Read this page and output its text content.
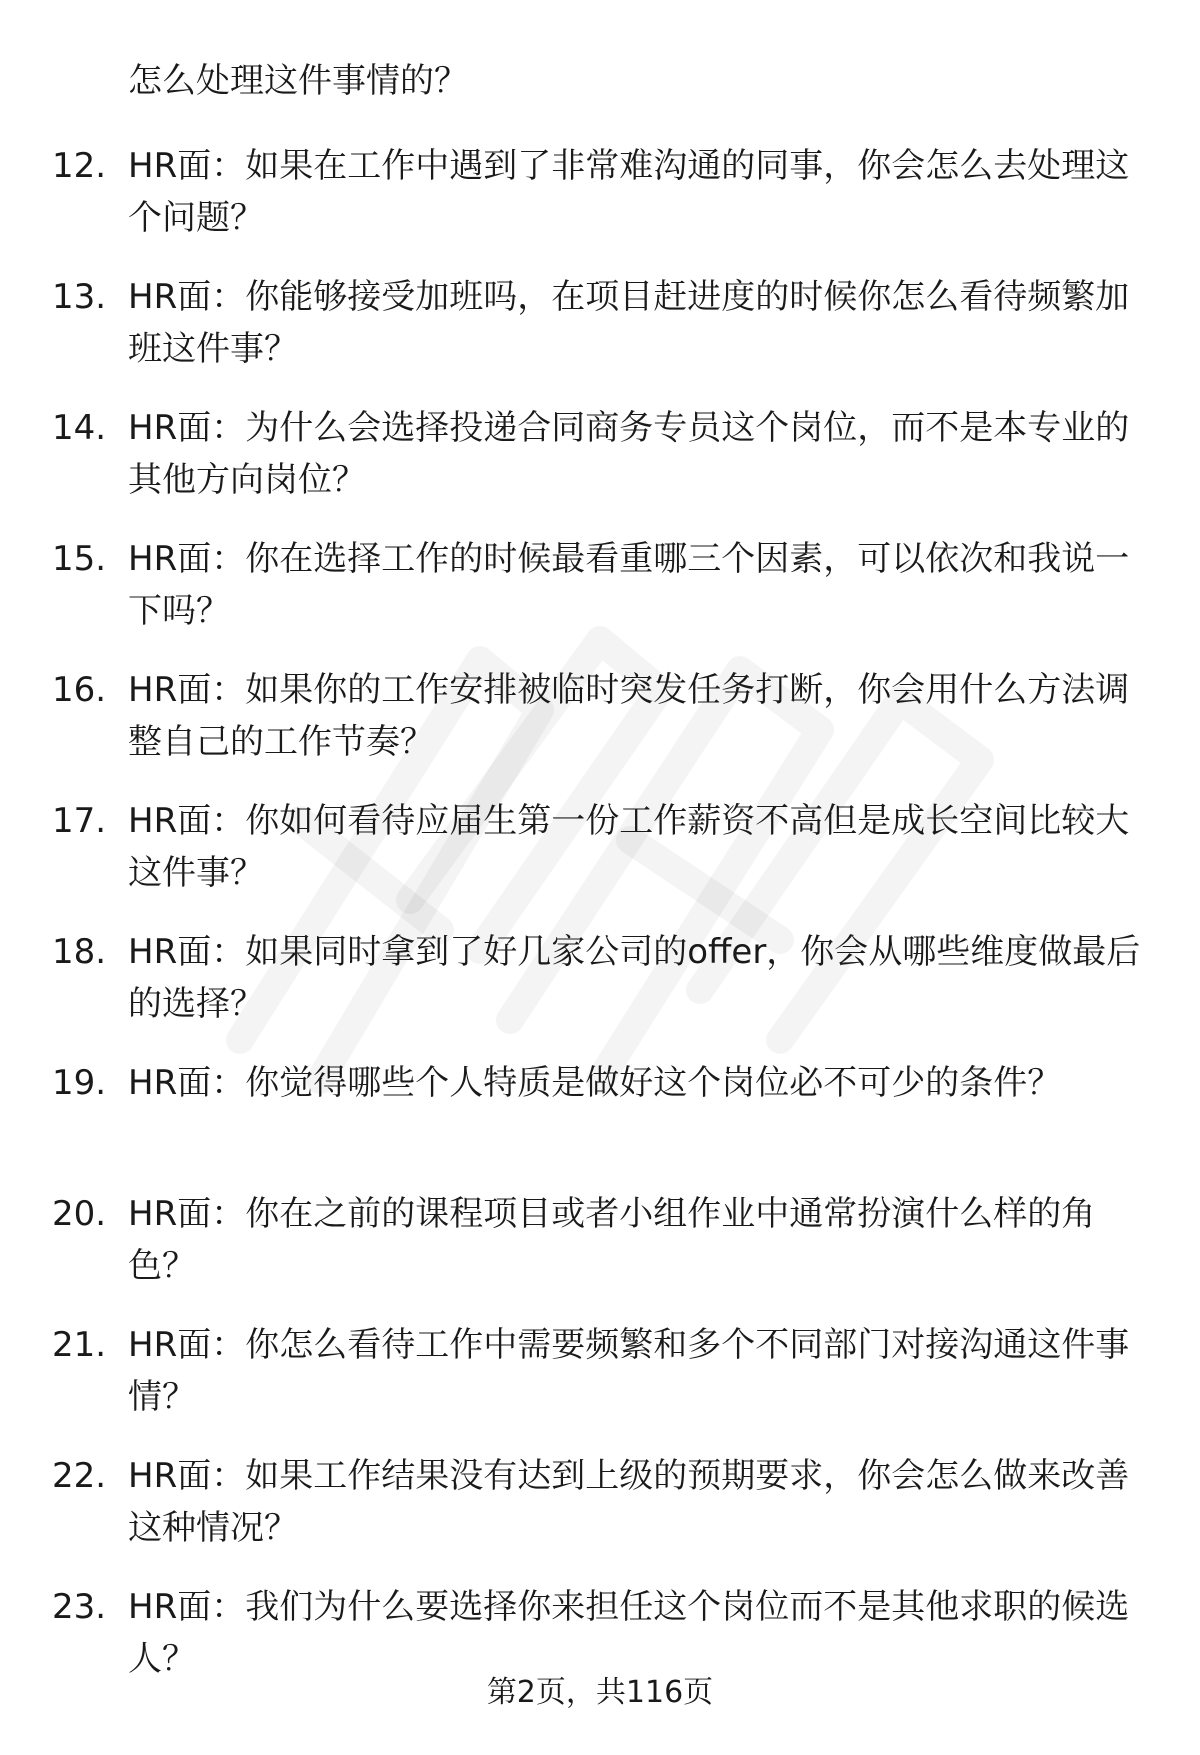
怎么处理这件事情的？

12. HR面：如果在工作中遇到了非常难沟通的同事，你会怎么去处理这个问题？

13. HR面：你能够接受加班吗，在项目赶进度的时候你怎么看待频繁加班这件事？

14. HR面：为什么会选择投递合同商务专员这个岗位，而不是本专业的其他方向岗位？

15. HR面：你在选择工作的时候最看重哪三个因素，可以依次和我说一下吗？

16. HR面：如果你的工作安排被临时突发任务打断，你会用什么方法调整自己的工作节奏？

17. HR面：你如何看待应届生第一份工作薪资不高但是成长空间比较大这件事？

18. HR面：如果同时拿到了好几家公司的offer，你会从哪些维度做最后的选择？

19. HR面：你觉得哪些个人特质是做好这个岗位必不可少的条件？

20. HR面：你在之前的课程项目或者小组作业中通常扮演什么样的角色？

21. HR面：你怎么看待工作中需要频繁和多个不同部门对接沟通这件事情？

22. HR面：如果工作结果没有达到上级的预期要求，你会怎么做来改善这种情况？

23. HR面：我们为什么要选择你来担任这个岗位而不是其他求职的候选人？

第2页，共116页
